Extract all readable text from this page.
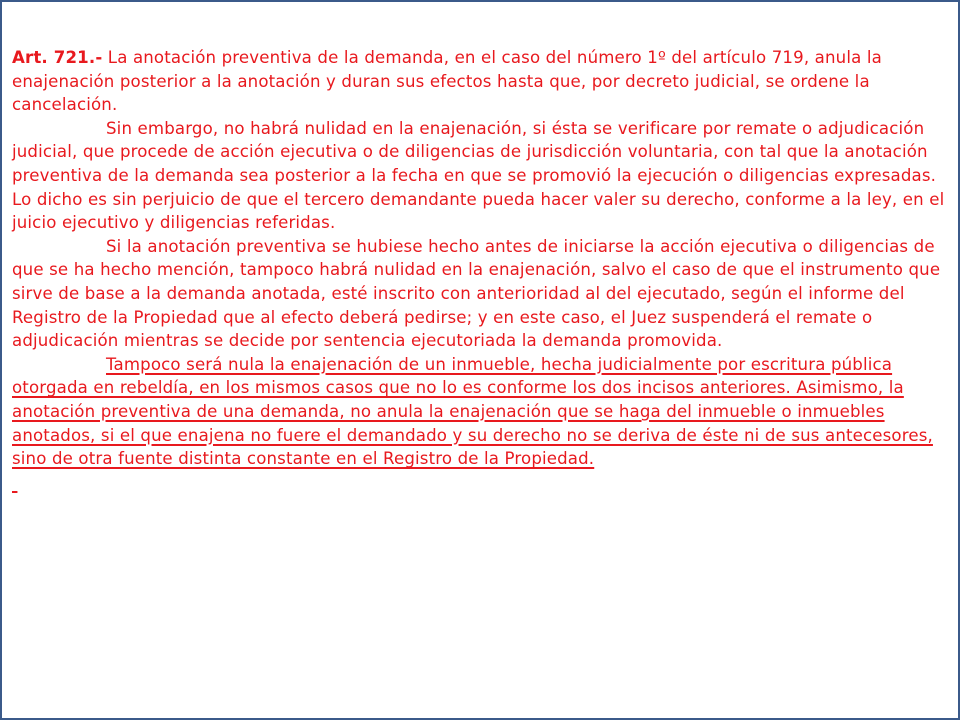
Art. 721.- La anotación preventiva de la demanda, en el caso del número 1º del artículo 719, anula la enajenación posterior a la anotación y duran sus efectos hasta que, por decreto judicial, se ordene la cancelación.

Sin embargo, no habrá nulidad en la enajenación, si ésta se verificare por remate o adjudicación judicial, que procede de acción ejecutiva o de diligencias de jurisdicción voluntaria, con tal que la anotación preventiva de la demanda sea posterior a la fecha en que se promovió la ejecución o diligencias expresadas. Lo dicho es sin perjuicio de que el tercero demandante pueda hacer valer su derecho, conforme a la ley, en el juicio ejecutivo y diligencias referidas.

Si la anotación preventiva se hubiese hecho antes de iniciarse la acción ejecutiva o diligencias de que se ha hecho mención, tampoco habrá nulidad en la enajenación, salvo el caso de que el instrumento que sirve de base a la demanda anotada, esté inscrito con anterioridad al del ejecutado, según el informe del Registro de la Propiedad que al efecto deberá pedirse; y en este caso, el Juez suspenderá el remate o adjudicación mientras se decide por sentencia ejecutoriada la demanda promovida.

Tampoco será nula la enajenación de un inmueble, hecha judicialmente por escritura pública otorgada en rebeldía, en los mismos casos que no lo es conforme los dos incisos anteriores. Asimismo, la anotación preventiva de una demanda, no anula la enajenación que se haga del inmueble o inmuebles anotados, si el que enajena no fuere el demandado y su derecho no se deriva de éste ni de sus antecesores, sino de otra fuente distinta constante en el Registro de la Propiedad.
